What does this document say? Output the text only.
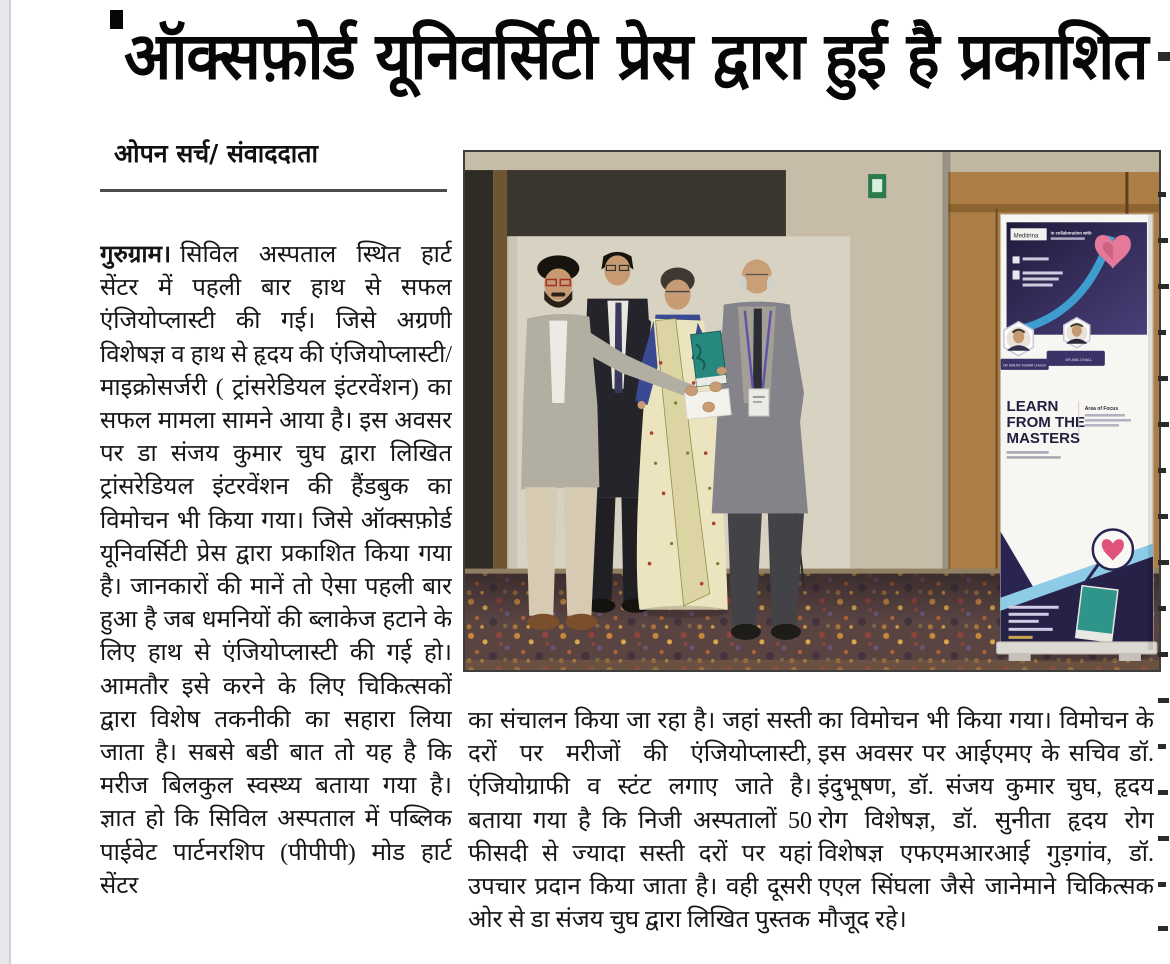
ऑक्सफ़ोर्ड यूनिवर्सिटी प्रेस द्वारा हुई है प्रकाशित
ओपन सर्च/ संवाददाता

गुरुग्राम। सिविल अस्पताल स्थित हार्ट सेंटर में पहली बार हाथ से सफल एंजियोप्लास्टी की गई। जिसे अग्रणी विशेषज्ञ व हाथ से हृदय की एंजियोप्लास्टी/माइक्रोसर्जरी ( ट्रांसरेडियल इंटरवेंशन) का सफल मामला सामने आया है। इस अवसर पर डा संजय कुमार चुघ द्वारा लिखित ट्रांसरेडियल इंटरवेंशन की हैंडबुक का विमोचन भी किया गया। जिसे ऑक्सफ़ोर्ड यूनिवर्सिटी प्रेस द्वारा प्रकाशित किया गया है। जानकारों की मानें तो ऐसा पहली बार हुआ है जब धमनियों की ब्लाकेज हटाने के लिए हाथ से एंजियोप्लास्टी की गई हो। आमतौर इसे करने के लिए चिकित्सकों द्वारा विशेष तकनीकी का सहारा लिया जाता है। सबसे बडी बात तो यह है कि मरीज बिलकुल स्वस्थ्य बताया गया है। ज्ञात हो कि सिविल अस्पताल में पब्लिक पाईवेट पार्टनरशिप (पीपीपी) मोड हार्ट सेंटर

Meditrina
in collaboration with
DR SANJAY KUMAR CHUGH
DR ANIL DHALL
LEARN
FROM THE
MASTERS
Area of Focus

का संचालन किया जा रहा है। जहां सस्ती दरों पर मरीजों की एंजियोप्लास्टी, एंजियोग्राफी व स्टंट लगाए जाते है। बताया गया है कि निजी अस्पतालों 50 फीसदी से ज्यादा सस्ती दरों पर यहां उपचार प्रदान किया जाता है। वही दूसरी ओर से डा संजय चुघ द्वारा लिखित पुस्तक

का विमोचन भी किया गया। विमोचन के इस अवसर पर आईएमए के सचिव डॉ. इंदुभूषण, डॉ. संजय कुमार चुघ, हृदय रोग विशेषज्ञ, डॉ. सुनीता हृदय रोग विशेषज्ञ एफएमआरआई गुड़गांव, डॉ. एएल सिंघला जैसे जानेमाने चिकित्सक मौजूद रहे।
